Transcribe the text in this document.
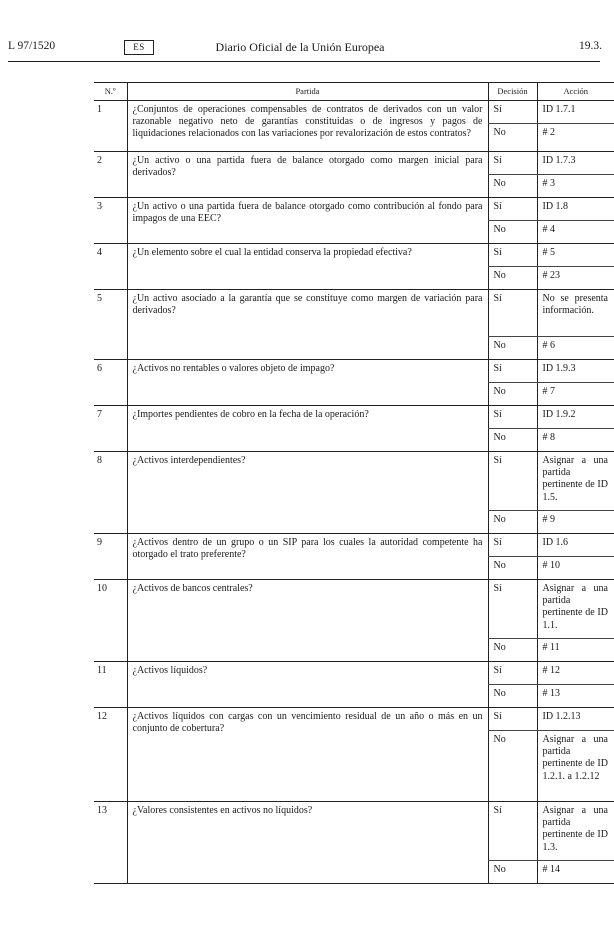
L 97/1520	ES	Diario Oficial de la Unión Europea	19.3.
N.º	Partida	Decisión	Acción
1	¿Conjuntos de operaciones compensables de contratos de derivados con un valor razonable negativo neto de garantías constituidas o de ingresos y pagos de liquidaciones relacionados con las variaciones por revalorización de estos contratos?	Sí	ID 1.7.1
		No	# 2
2	¿Un activo o una partida fuera de balance otorgado como margen inicial para derivados?	Sí	ID 1.7.3
		No	# 3
3	¿Un activo o una partida fuera de balance otorgado como contribución al fondo para impagos de una EEC?	Sí	ID 1.8
		No	# 4
4	¿Un elemento sobre el cual la entidad conserva la propiedad efectiva?	Sí	# 5
		No	# 23
5	¿Un activo asociado a la garantía que se constituye como margen de variación para derivados?	Sí	No se presenta información.
		No	# 6
6	¿Activos no rentables o valores objeto de impago?	Sí	ID 1.9.3
		No	# 7
7	¿Importes pendientes de cobro en la fecha de la operación?	Sí	ID 1.9.2
		No	# 8
8	¿Activos interdependientes?	Sí	Asignar a una partida pertinente de ID 1.5.
		No	# 9
9	¿Activos dentro de un grupo o un SIP para los cuales la autoridad competente ha otorgado el trato preferente?	Sí	ID 1.6
		No	# 10
10	¿Activos de bancos centrales?	Sí	Asignar a una partida pertinente de ID 1.1.
		No	# 11
11	¿Activos líquidos?	Sí	# 12
		No	# 13
12	¿Activos líquidos con cargas con un vencimiento residual de un año o más en un conjunto de cobertura?	Sí	ID 1.2.13
		No	Asignar a una partida pertinente de ID 1.2.1. a 1.2.12
13	¿Valores consistentes en activos no líquidos?	Sí	Asignar a una partida pertinente de ID 1.3.
		No	# 14
